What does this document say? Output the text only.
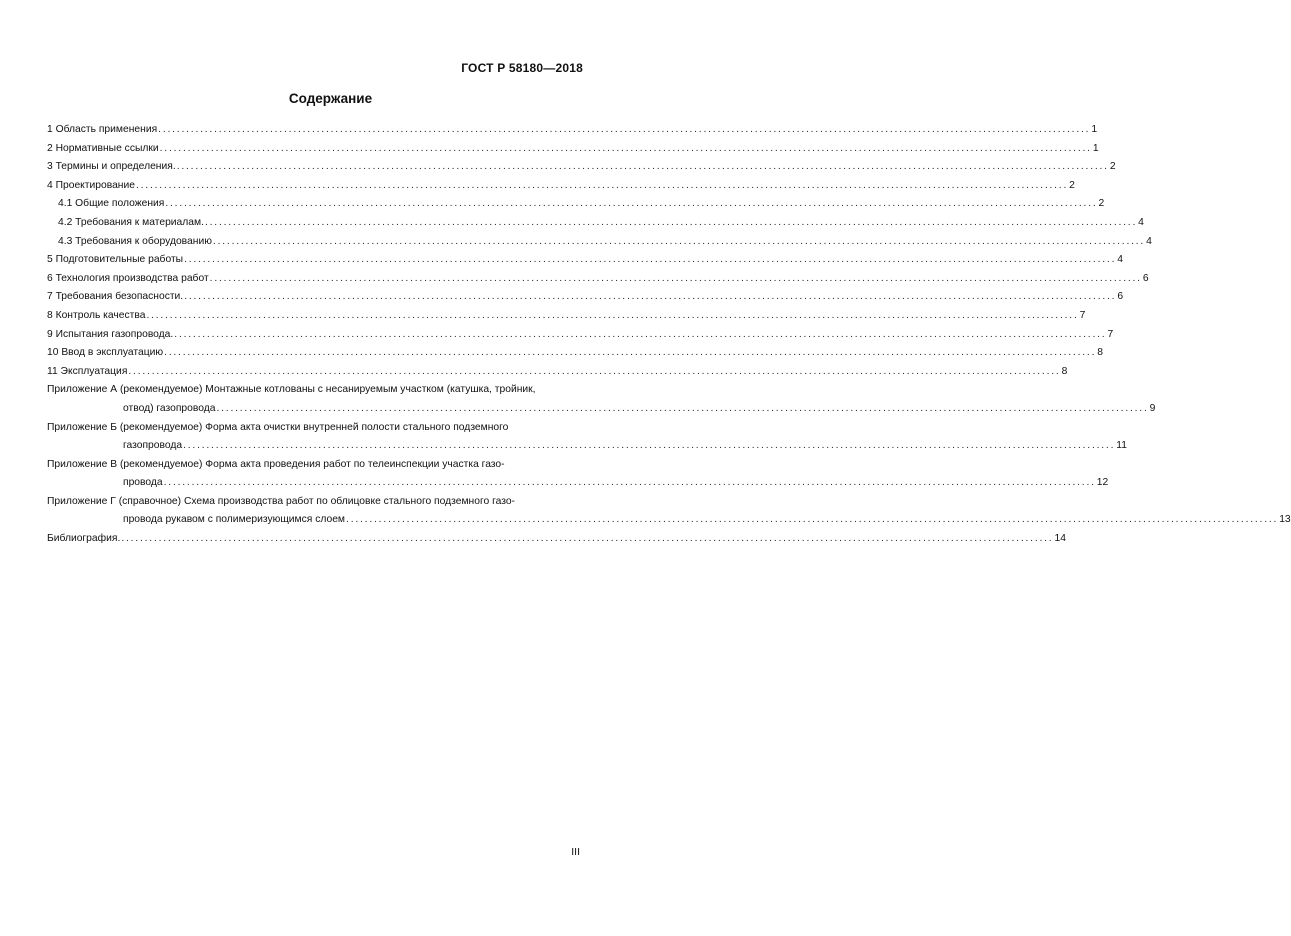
ГОСТ Р 58180—2018
Содержание
1 Область применения ........................................................................................................................................................................................................ 1
2 Нормативные ссылки ........................................................................................................................................................................................................ 1
3 Термины и определения. ........................................................................................................................................................................................................ 2
4 Проектирование ........................................................................................................................................................................................................ 2
4.1 Общие положения ........................................................................................................................................................................................................ 2
4.2 Требования к материалам. ........................................................................................................................................................................................................ 4
4.3 Требования к оборудованию ........................................................................................................................................................................................................ 4
5 Подготовительные работы ........................................................................................................................................................................................................ 4
6 Технология производства работ ........................................................................................................................................................................................................ 6
7 Требования безопасности. ........................................................................................................................................................................................................ 6
8 Контроль качества ........................................................................................................................................................................................................ 7
9 Испытания газопровода. ........................................................................................................................................................................................................ 7
10 Ввод в эксплуатацию ........................................................................................................................................................................................................ 8
11 Эксплуатация ........................................................................................................................................................................................................ 8
Приложение А (рекомендуемое) Монтажные котлованы с несанируемым участком (катушка, тройник,
отвод) газопровода ........................................................................................................................................................................................................ 9
Приложение Б (рекомендуемое) Форма акта очистки внутренней полости стального подземного
газопровода ........................................................................................................................................................................................................ 11
Приложение В (рекомендуемое) Форма акта проведения работ по телеинспекции участка газо-
провода ........................................................................................................................................................................................................ 12
Приложение Г (справочное) Схема производства работ по облицовке стального подземного газо-
провода рукавом с полимеризующимся слоем ........................................................................................................................................................................................................ 13
Библиография. ........................................................................................................................................................................................................ 14
III
